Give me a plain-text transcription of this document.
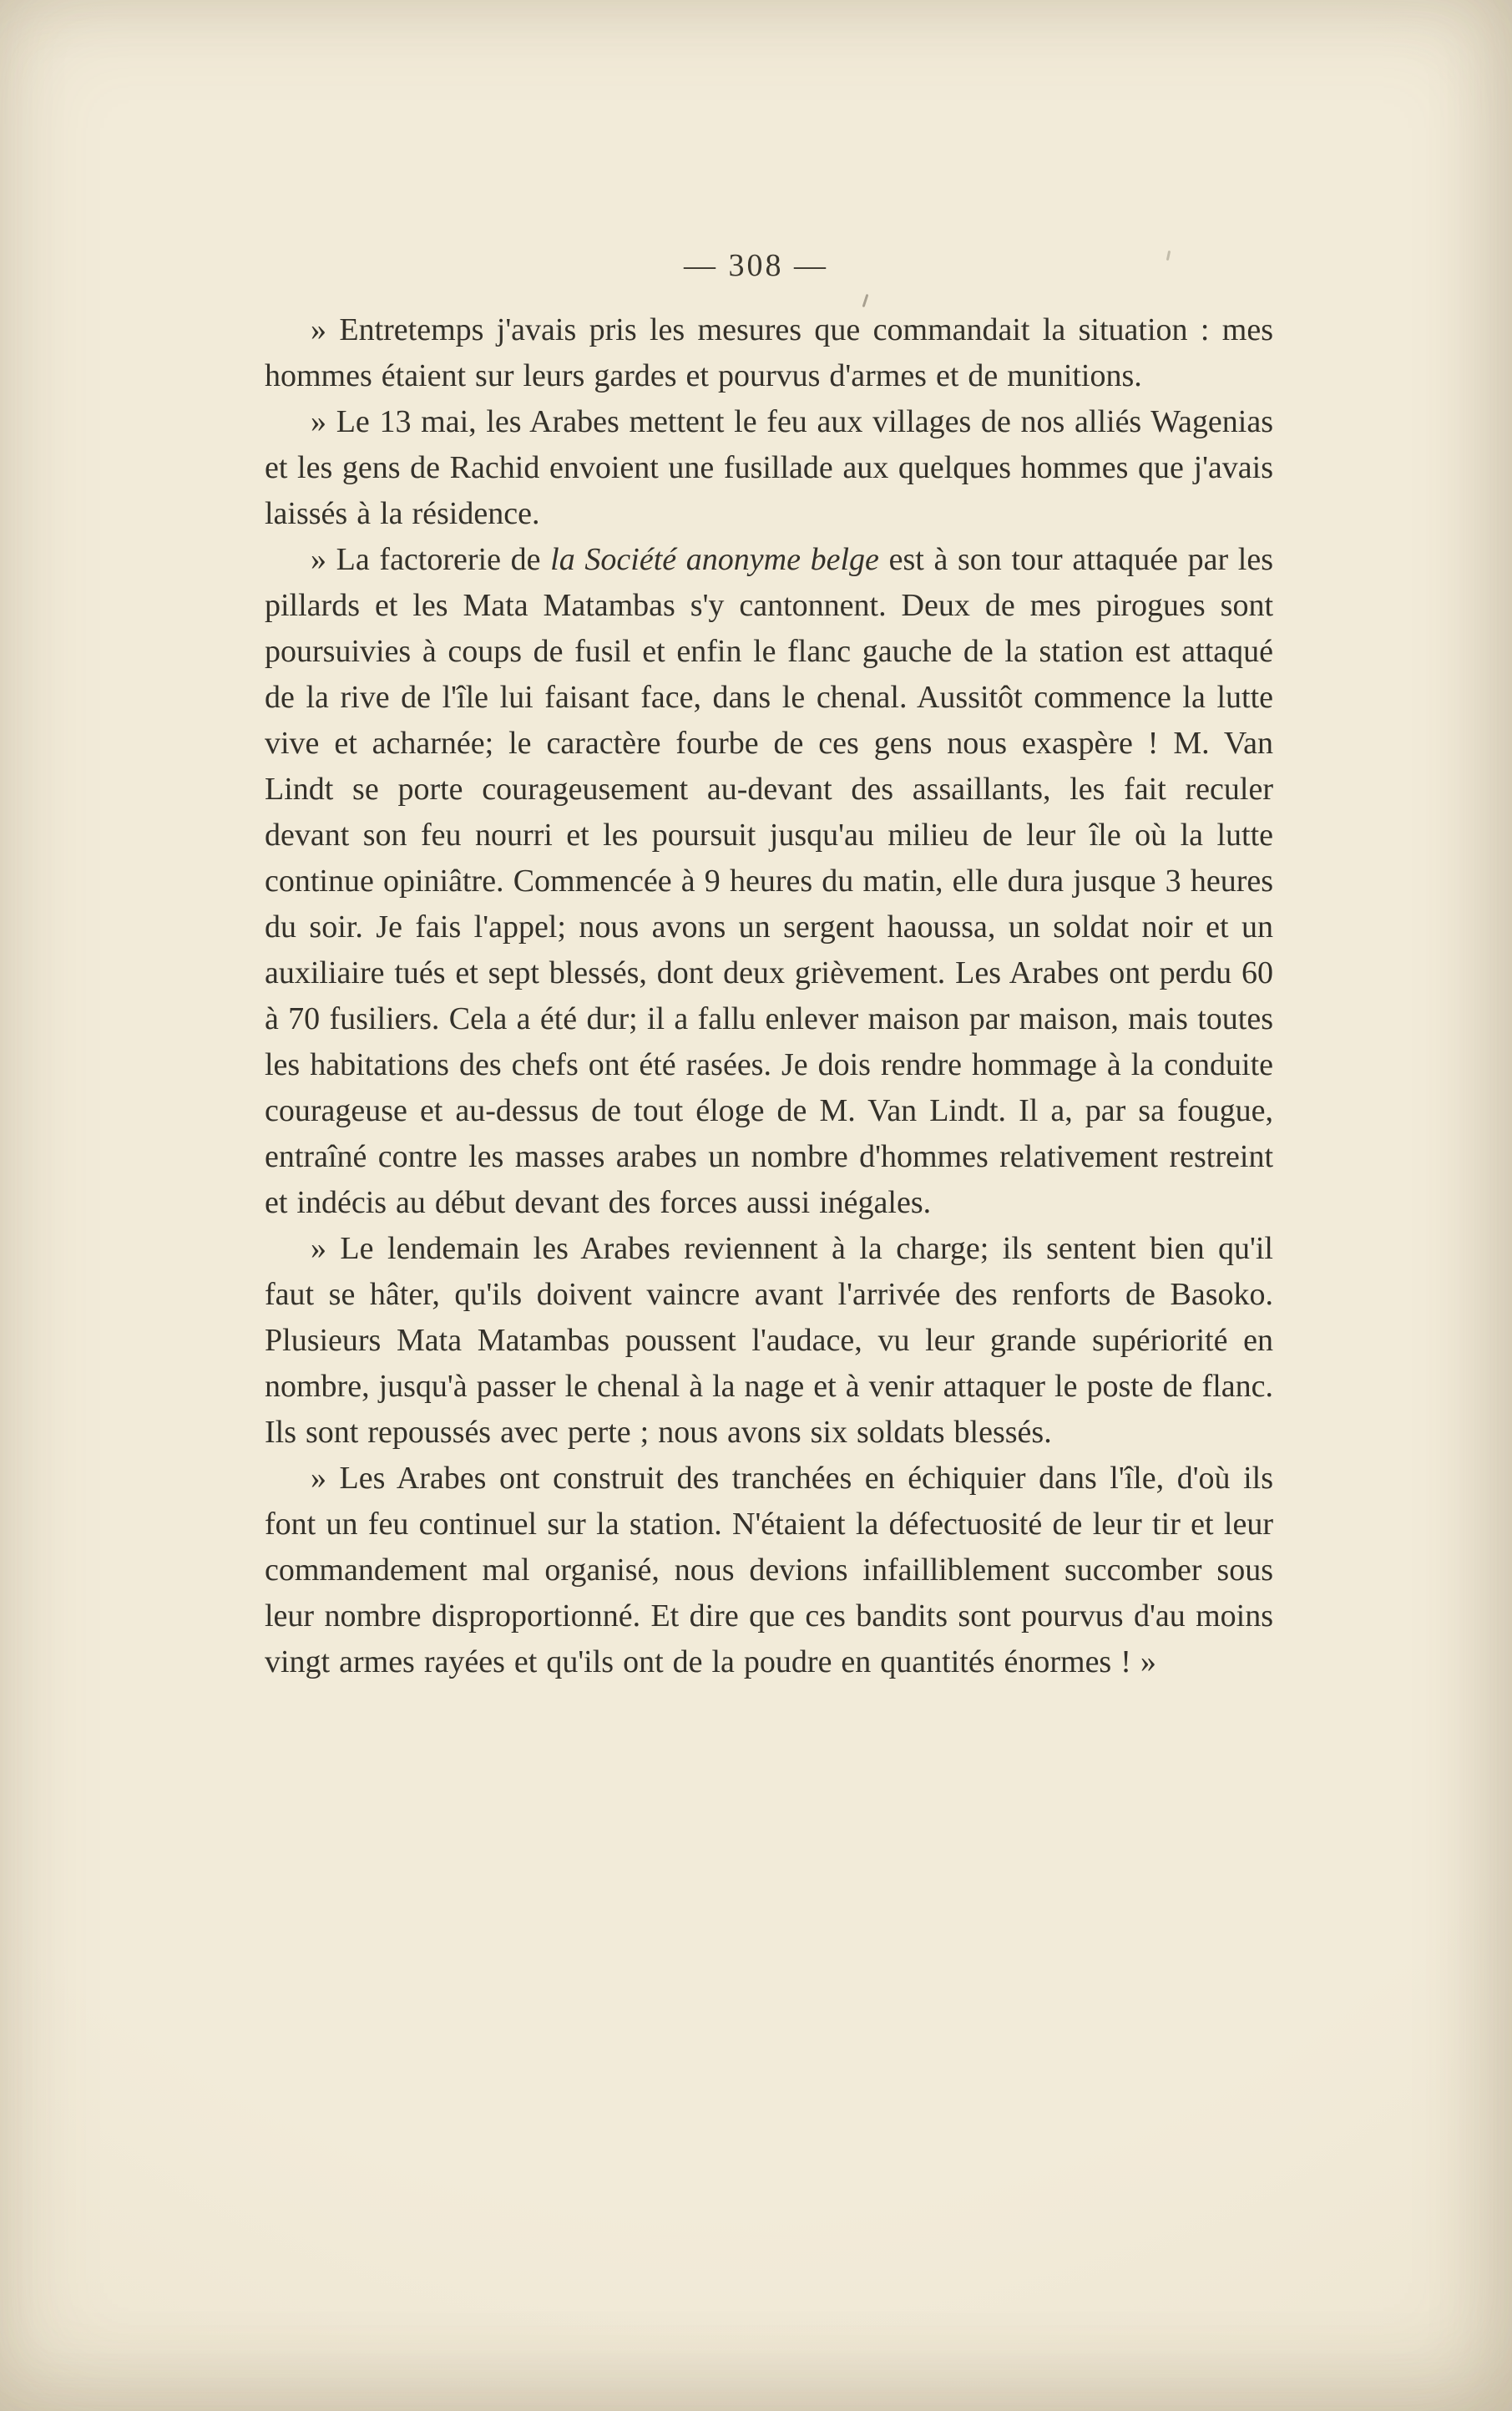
— 308 —

» Entretemps j'avais pris les mesures que commandait la situation : mes hommes étaient sur leurs gardes et pourvus d'armes et de munitions.

» Le 13 mai, les Arabes mettent le feu aux villages de nos alliés Wagenias et les gens de Rachid envoient une fusillade aux quelques hommes que j'avais laissés à la résidence.

» La factorerie de la Société anonyme belge est à son tour attaquée par les pillards et les Mata Matambas s'y cantonnent. Deux de mes pirogues sont poursuivies à coups de fusil et enfin le flanc gauche de la station est attaqué de la rive de l'île lui faisant face, dans le chenal. Aussitôt commence la lutte vive et acharnée; le caractère fourbe de ces gens nous exaspère ! M. Van Lindt se porte courageusement au-devant des assaillants, les fait reculer devant son feu nourri et les poursuit jusqu'au milieu de leur île où la lutte continue opiniâtre. Commencée à 9 heures du matin, elle dura jusque 3 heures du soir. Je fais l'appel; nous avons un sergent haoussa, un soldat noir et un auxiliaire tués et sept blessés, dont deux grièvement. Les Arabes ont perdu 60 à 70 fusiliers. Cela a été dur; il a fallu enlever maison par maison, mais toutes les habitations des chefs ont été rasées. Je dois rendre hommage à la conduite courageuse et au-dessus de tout éloge de M. Van Lindt. Il a, par sa fougue, entraîné contre les masses arabes un nombre d'hommes relativement restreint et indécis au début devant des forces aussi inégales.

» Le lendemain les Arabes reviennent à la charge; ils sentent bien qu'il faut se hâter, qu'ils doivent vaincre avant l'arrivée des renforts de Basoko. Plusieurs Mata Matambas poussent l'audace, vu leur grande supériorité en nombre, jusqu'à passer le chenal à la nage et à venir attaquer le poste de flanc. Ils sont repoussés avec perte ; nous avons six soldats blessés.

» Les Arabes ont construit des tranchées en échiquier dans l'île, d'où ils font un feu continuel sur la station. N'étaient la défectuosité de leur tir et leur commandement mal organisé, nous devions infailliblement succomber sous leur nombre disproportionné. Et dire que ces bandits sont pourvus d'au moins vingt armes rayées et qu'ils ont de la poudre en quantités énormes ! »
